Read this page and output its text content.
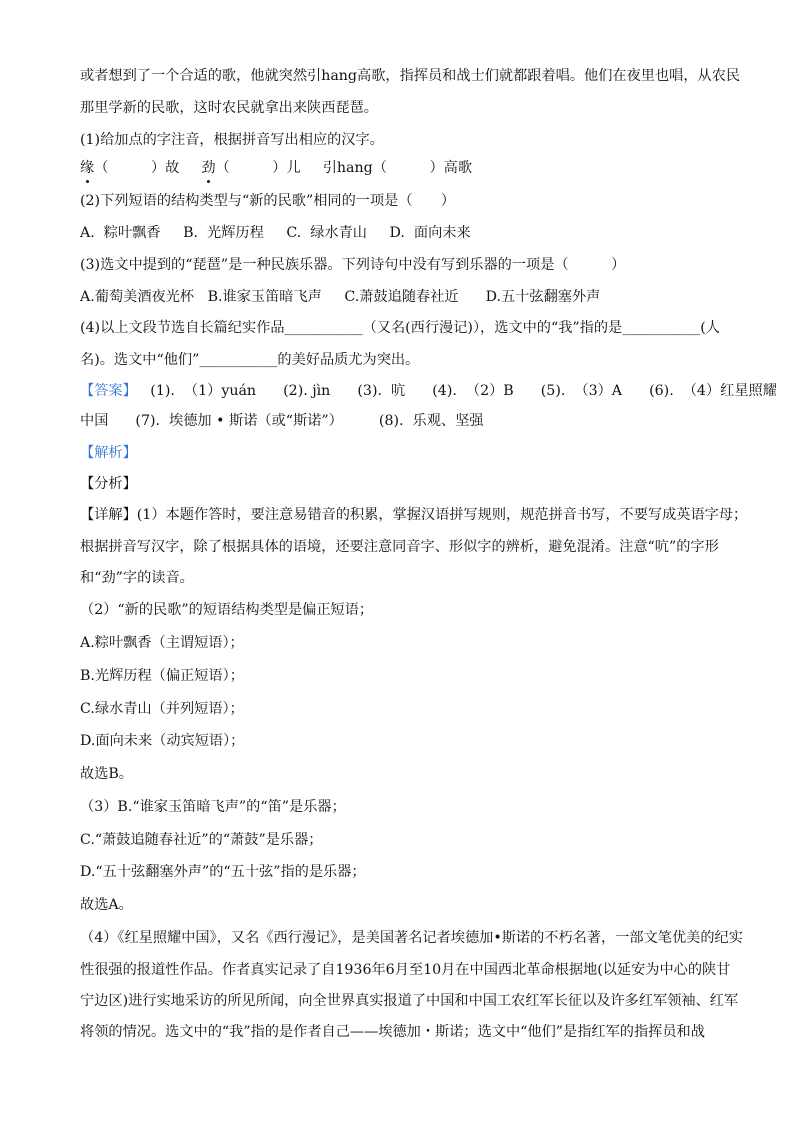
或者想到了一个合适的歌，他就突然引hang高歌，指挥员和战士们就都跟着唱。他们在夜里也唱，从农民
那里学新的民歌，这时农民就拿出来陕西琵琶。
(1)给加点的字注音，根据拼音写出相应的汉字。
缘（　　　）故 劲（　　　）儿 引hang（　　　）高歌
(2)下列短语的结构类型与“新的民歌”相同的一项是（　　）
A.  粽叶飘香     B.  光辉历程     C.  绿水青山     D.  面向未来
(3)选文中提到的“琵琶”是一种民族乐器。下列诗句中没有写到乐器的一项是（　　　）
A.葡萄美酒夜光杯   B.谁家玉笛暗飞声     C.萧鼓追随春社近      D.五十弦翻塞外声
(4)以上文段节选自长篇纪实作品___________（又名(西行漫记)），选文中的“我”指的是___________(人
名)。选文中“他们”___________的美好品质尤为突出。
【答案】 (1).  （1）yuán      (2). jìn      (3).  吭      (4).  （2）B      (5).  （3）A      (6).  （4）红星照耀
中国      (7).  埃德加 • 斯诺（或“斯诺”）        (8).  乐观、坚强
【解析】
【分析】
【详解】(1）本题作答时，要注意易错音的积累，掌握汉语拼写规则，规范拼音书写，不要写成英语字母；
根据拼音写汉字，除了根据具体的语境，还要注意同音字、形似字的辨析，避免混淆。注意“吭”的字形
和“劲”字的读音。
（2）“新的民歌”的短语结构类型是偏正短语；
A.粽叶飘香（主谓短语）；
B.光辉历程（偏正短语）；
C.绿水青山（并列短语）；
D.面向未来（动宾短语）；
故选B。
（3）B.“谁家玉笛暗飞声”的“笛”是乐器；
C.“萧鼓追随春社近”的“萧鼓”是乐器；
D.“五十弦翻塞外声”的“五十弦”指的是乐器；
故选A。
（4）《红星照耀中国》，又名《西行漫记》，是美国著名记者埃德加•斯诺的不朽名著，一部文笔优美的纪实
性很强的报道性作品。作者真实记录了自1936年6月至10月在中国西北革命根据地(以延安为中心的陕甘
宁边区)进行实地采访的所见所闻，向全世界真实报道了中国和中国工农红军长征以及许多红军领袖、红军
将领的情况。选文中的“我”指的是作者自己——埃德加・斯诺；选文中“他们”是指红军的指挥员和战
